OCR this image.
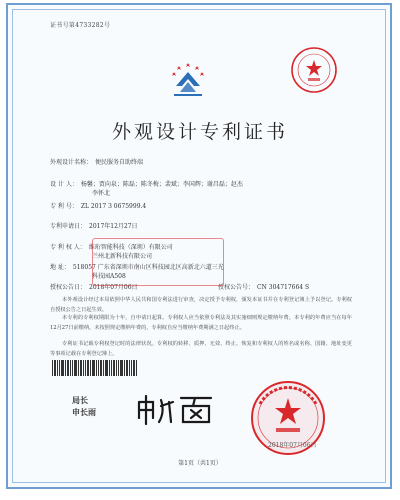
证书号第4733282号
外观设计专利证书
外观设计名称： 便民服务自助终端
设 计 人： 杨馨；贾向泉；陈磊；陈冬梅；裴斌；李国辉；谢昌磊；赵杰
李怀北
专 利 号： ZL 2017 3 0675999.4
专利申请日： 2017年12月27日
专 利 权 人： 维珩智能科技（深圳）有限公司
兰州北新科技有限公司
地 址： 518057 广东省深圳市南山区科技园北区高新北六道三光
科技园A508
授权公告日： 2018年07月06日	授权公告号： CN 304717664 S
本外观设计经过本局依照中华人民共和国专利法进行审查，决定授予专利权，颁发本证书并在专利登记簿上予以登记。专利权自授权公告之日起生效。
本专利的专利权期限为十年，自申请日起算。专利权人应当依照专利法及其实施细则规定缴纳年费。本专利的年费应当在每年12月27日前缴纳。未按照规定缴纳年费的，专利权自应当缴纳年费期满之日起终止。
专利证书记载专利权登记时的法律状况。专利权的转移、质押、无效、终止、恢复和专利权人的姓名或名称、国籍、地址变更等事项记载在专利登记簿上。
局长
申长雨
2018年07月06日
第1页（共1页）
